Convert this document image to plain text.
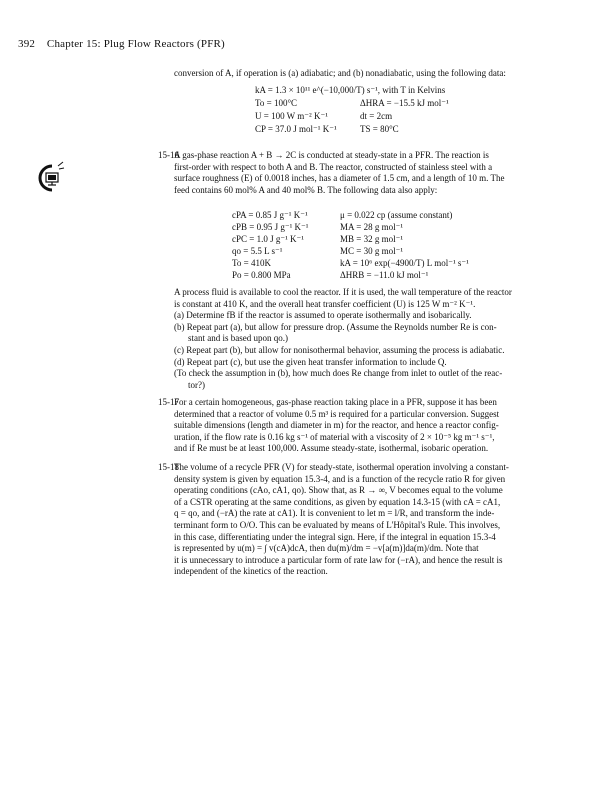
392 Chapter 15: Plug Flow Reactors (PFR)
conversion of A, if operation is (a) adiabatic; and (b) nonadiabatic, using the following data:
kA = 1.3 × 10¹¹ e^(−10,000/T) s⁻¹, with T in Kelvins
To = 100°C	ΔHRA = −15.5 kJ mol⁻¹
U = 100 W m⁻² K⁻¹	dt = 2cm
CP = 37.0 J mol⁻¹ K⁻¹	TS = 80°C
15-16
A gas-phase reaction A + B → 2C is conducted at steady-state in a PFR. The reaction is
first-order with respect to both A and B. The reactor, constructed of stainless steel with a
surface roughness (E) of 0.0018 inches, has a diameter of 1.5 cm, and a length of 10 m. The
feed contains 60 mol% A and 40 mol% B. The following data also apply:
cPA = 0.85 J g⁻¹ K⁻¹	μ = 0.022 cp (assume constant)
cPB = 0.95 J g⁻¹ K⁻¹	MA = 28 g mol⁻¹
cPC = 1.0 J g⁻¹ K⁻¹	MB = 32 g mol⁻¹
qo = 5.5 L s⁻¹	MC = 30 g mol⁻¹
To = 410K	kA = 10⁶ exp(−4900/T) L mol⁻¹ s⁻¹
Po = 0.800 MPa	ΔHRB = −11.0 kJ mol⁻¹
A process fluid is available to cool the reactor. If it is used, the wall temperature of the reactor
is constant at 410 K, and the overall heat transfer coefficient (U) is 125 W m⁻² K⁻¹.
(a) Determine fB if the reactor is assumed to operate isothermally and isobarically.
(b) Repeat part (a), but allow for pressure drop. (Assume the Reynolds number Re is con-
stant and is based upon qo.)
(c) Repeat part (b), but allow for nonisothermal behavior, assuming the process is adiabatic.
(d) Repeat part (c), but use the given heat transfer information to include Q.
(To check the assumption in (b), how much does Re change from inlet to outlet of the reac-
tor?)
15-17
For a certain homogeneous, gas-phase reaction taking place in a PFR, suppose it has been
determined that a reactor of volume 0.5 m³ is required for a particular conversion. Suggest
suitable dimensions (length and diameter in m) for the reactor, and hence a reactor config-
uration, if the flow rate is 0.16 kg s⁻¹ of material with a viscosity of 2 × 10⁻⁵ kg m⁻¹ s⁻¹,
and if Re must be at least 100,000. Assume steady-state, isothermal, isobaric operation.
15-18
The volume of a recycle PFR (V) for steady-state, isothermal operation involving a constant-
density system is given by equation 15.3-4, and is a function of the recycle ratio R for given
operating conditions (cAo, cA1, qo). Show that, as R → ∞, V becomes equal to the volume
of a CSTR operating at the same conditions, as given by equation 14.3-15 (with cA = cA1,
q = qo, and (−rA) the rate at cA1). It is convenient to let m = l/R, and transform the inde-
terminant form to O/O. This can be evaluated by means of L'Hôpital's Rule. This involves,
in this case, differentiating under the integral sign. Here, if the integral in equation 15.3-4
is represented by u(m) = ∫ v(cA)dcA, then du(m)/dm = −v[a(m)]da(m)/dm. Note that
it is unnecessary to introduce a particular form of rate law for (−rA), and hence the result is
independent of the kinetics of the reaction.
